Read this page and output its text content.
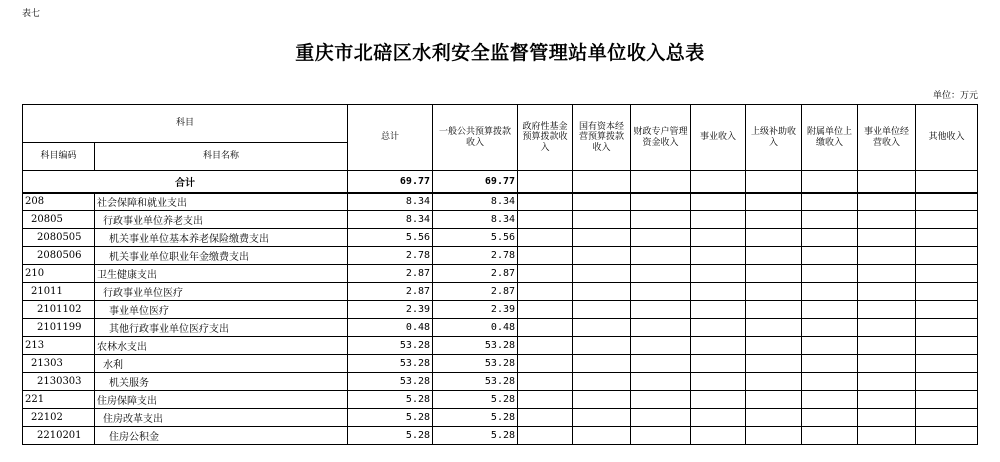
表七
重庆市北碚区水利安全监督管理站单位收入总表
单位：万元
科目		总计	一般公共预算拨款收入	政府性基金预算拨款收入	国有资本经营预算拨款收入	财政专户管理资金收入	事业收入	上级补助收入	附属单位上缴收入	事业单位经营收入	其他收入
科目编码	科目名称										
合计		69.77	69.77								
208	社会保障和就业支出	8.34	8.34								
20805	行政事业单位养老支出	8.34	8.34								
2080505	机关事业单位基本养老保险缴费支出	5.56	5.56								
2080506	机关事业单位职业年金缴费支出	2.78	2.78								
210	卫生健康支出	2.87	2.87								
21011	行政事业单位医疗	2.87	2.87								
2101102	事业单位医疗	2.39	2.39								
2101199	其他行政事业单位医疗支出	0.48	0.48								
213	农林水支出	53.28	53.28								
21303	水利	53.28	53.28								
2130303	机关服务	53.28	53.28								
221	住房保障支出	5.28	5.28								
22102	住房改革支出	5.28	5.28								
2210201	住房公积金	5.28	5.28								
